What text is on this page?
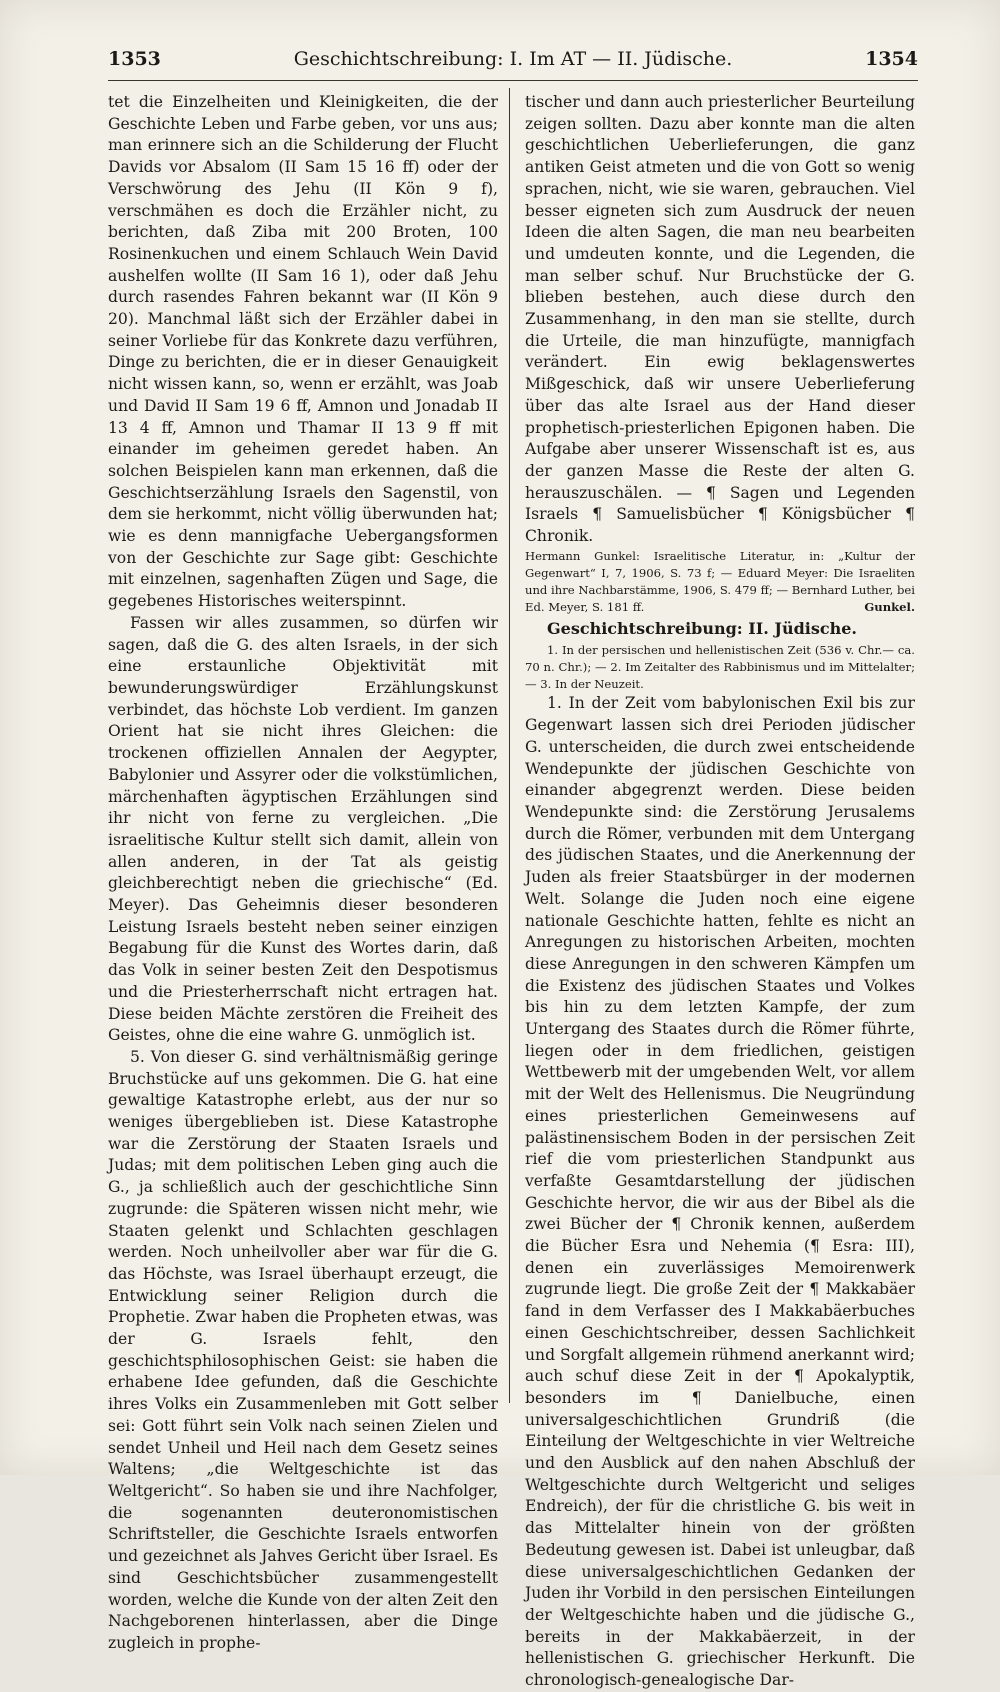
1353	Geschichtschreibung: I. Im AT — II. Jüdische.	1354

tet die Einzelheiten und Kleinigkeiten, die der Geschichte Leben und Farbe geben, vor uns aus; man erinnere sich an die Schilderung der Flucht Davids vor Absalom (II Sam 15 16 ff) oder der Verschwörung des Jehu (II Kön 9 f), verschmähen es doch die Erzähler nicht, zu berichten, daß Ziba mit 200 Broten, 100 Rosinenkuchen und einem Schlauch Wein David aushelfen wollte (II Sam 16 1), oder daß Jehu durch rasendes Fahren bekannt war (II Kön 9 20). Manchmal läßt sich der Erzähler dabei in seiner Vorliebe für das Konkrete dazu verführen, Dinge zu berichten, die er in dieser Genauigkeit nicht wissen kann, so, wenn er erzählt, was Joab und David II Sam 19 6 ff, Amnon und Jonadab II 13 4 ff, Amnon und Thamar II 13 9 ff mit einander im geheimen geredet haben. An solchen Beispielen kann man erkennen, daß die Geschichtserzählung Israels den Sagenstil, von dem sie herkommt, nicht völlig überwunden hat; wie es denn mannigfache Uebergangsformen von der Geschichte zur Sage gibt: Geschichte mit einzelnen, sagenhaften Zügen und Sage, die gegebenes Historisches weiterspinnt.

Fassen wir alles zusammen, so dürfen wir sagen, daß die G. des alten Israels, in der sich eine erstaunliche Objektivität mit bewunderungswürdiger Erzählungskunst verbindet, das höchste Lob verdient. Im ganzen Orient hat sie nicht ihres Gleichen: die trockenen offiziellen Annalen der Aegypter, Babylonier und Assyrer oder die volkstümlichen, märchenhaften ägyptischen Erzählungen sind ihr nicht von ferne zu vergleichen. „Die israelitische Kultur stellt sich damit, allein von allen anderen, in der Tat als geistig gleichberechtigt neben die griechische“ (Ed. Meyer). Das Geheimnis dieser besonderen Leistung Israels besteht neben seiner einzigen Begabung für die Kunst des Wortes darin, daß das Volk in seiner besten Zeit den Despotismus und die Priesterherrschaft nicht ertragen hat. Diese beiden Mächte zerstören die Freiheit des Geistes, ohne die eine wahre G. unmöglich ist.

5. Von dieser G. sind verhältnismäßig geringe Bruchstücke auf uns gekommen. Die G. hat eine gewaltige Katastrophe erlebt, aus der nur so weniges übergeblieben ist. Diese Katastrophe war die Zerstörung der Staaten Israels und Judas; mit dem politischen Leben ging auch die G., ja schließlich auch der geschichtliche Sinn zugrunde: die Späteren wissen nicht mehr, wie Staaten gelenkt und Schlachten geschlagen werden. Noch unheilvoller aber war für die G. das Höchste, was Israel überhaupt erzeugt, die Entwicklung seiner Religion durch die Prophetie. Zwar haben die Propheten etwas, was der G. Israels fehlt, den geschichtsphilosophischen Geist: sie haben die erhabene Idee gefunden, daß die Geschichte ihres Volks ein Zusammenleben mit Gott selber sei: Gott führt sein Volk nach seinen Zielen und sendet Unheil und Heil nach dem Gesetz seines Waltens; „die Weltgeschichte ist das Weltgericht“. So haben sie und ihre Nachfolger, die sogenannten deuteronomistischen Schriftsteller, die Geschichte Israels entworfen und gezeichnet als Jahves Gericht über Israel. Es sind Geschichtsbücher zusammengestellt worden, welche die Kunde von der alten Zeit den Nachgeborenen hinterlassen, aber die Dinge zugleich in prophe-

tischer und dann auch priesterlicher Beurteilung zeigen sollten. Dazu aber konnte man die alten geschichtlichen Ueberlieferungen, die ganz antiken Geist atmeten und die von Gott so wenig sprachen, nicht, wie sie waren, gebrauchen. Viel besser eigneten sich zum Ausdruck der neuen Ideen die alten Sagen, die man neu bearbeiten und umdeuten konnte, und die Legenden, die man selber schuf. Nur Bruchstücke der G. blieben bestehen, auch diese durch den Zusammenhang, in den man sie stellte, durch die Urteile, die man hinzufügte, mannigfach verändert. Ein ewig beklagenswertes Mißgeschick, daß wir unsere Ueberlieferung über das alte Israel aus der Hand dieser prophetisch-priesterlichen Epigonen haben. Die Aufgabe aber unserer Wissenschaft ist es, aus der ganzen Masse die Reste der alten G. herauszuschälen. — ¶ Sagen und Legenden Israels ¶ Samuelisbücher ¶ Königsbücher ¶ Chronik.

Hermann Gunkel: Israelitische Literatur, in: „Kultur der Gegenwart“ I, 7, 1906, S. 73 f; — Eduard Meyer: Die Israeliten und ihre Nachbarstämme, 1906, S. 479 ff; — Bernhard Luther, bei Ed. Meyer, S. 181 ff.	Gunkel.

Geschichtschreibung: II. Jüdische.

1. In der persischen und hellenistischen Zeit (536 v. Chr.— ca. 70 n. Chr.); — 2. Im Zeitalter des Rabbinismus und im Mittelalter; — 3. In der Neuzeit.

1. In der Zeit vom babylonischen Exil bis zur Gegenwart lassen sich drei Perioden jüdischer G. unterscheiden, die durch zwei entscheidende Wendepunkte der jüdischen Geschichte von einander abgegrenzt werden. Diese beiden Wendepunkte sind: die Zerstörung Jerusalems durch die Römer, verbunden mit dem Untergang des jüdischen Staates, und die Anerkennung der Juden als freier Staatsbürger in der modernen Welt. Solange die Juden noch eine eigene nationale Geschichte hatten, fehlte es nicht an Anregungen zu historischen Arbeiten, mochten diese Anregungen in den schweren Kämpfen um die Existenz des jüdischen Staates und Volkes bis hin zu dem letzten Kampfe, der zum Untergang des Staates durch die Römer führte, liegen oder in dem friedlichen, geistigen Wettbewerb mit der umgebenden Welt, vor allem mit der Welt des Hellenismus. Die Neugründung eines priesterlichen Gemeinwesens auf palästinensischem Boden in der persischen Zeit rief die vom priesterlichen Standpunkt aus verfaßte Gesamtdarstellung der jüdischen Geschichte hervor, die wir aus der Bibel als die zwei Bücher der ¶ Chronik kennen, außerdem die Bücher Esra und Nehemia (¶ Esra: III), denen ein zuverlässiges Memoirenwerk zugrunde liegt. Die große Zeit der ¶ Makkabäer fand in dem Verfasser des I Makkabäerbuches einen Geschichtschreiber, dessen Sachlichkeit und Sorgfalt allgemein rühmend anerkannt wird; auch schuf diese Zeit in der ¶ Apokalyptik, besonders im ¶ Danielbuche, einen universalgeschichtlichen Grundriß (die Einteilung der Weltgeschichte in vier Weltreiche und den Ausblick auf den nahen Abschluß der Weltgeschichte durch Weltgericht und seliges Endreich), der für die christliche G. bis weit in das Mittelalter hinein von der größten Bedeutung gewesen ist. Dabei ist unleugbar, daß diese universalgeschichtlichen Gedanken der Juden ihr Vorbild in den persischen Einteilungen der Weltgeschichte haben und die jüdische G., bereits in der Makkabäerzeit, in der hellenistischen G. griechischer Herkunft. Die chronologisch-genealogische Dar-
